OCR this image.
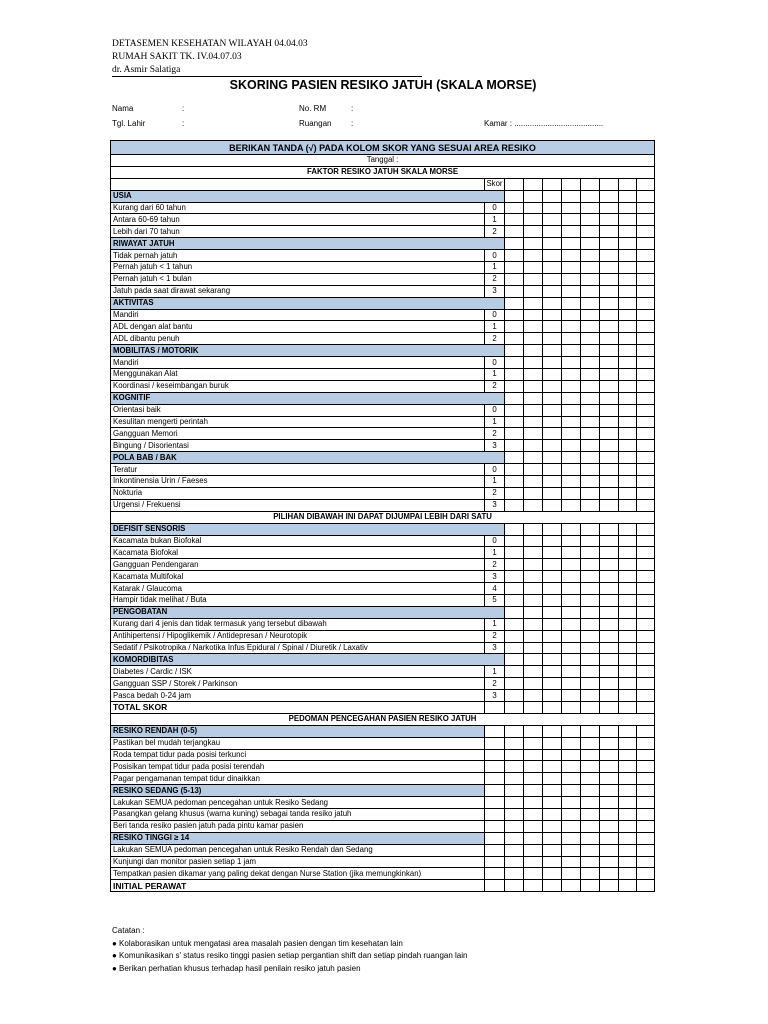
DETASEMEN KESEHATAN WILAYAH 04.04.03
RUMAH SAKIT TK. IV.04.07.03
dr. Asmir Salatiga
SKORING PASIEN RESIKO JATUH (SKALA MORSE)
Nama	:	No. RM	:
Tgl. Lahir	:	Ruangan :	Kamar : ........................................
BERIKAN TANDA (√) PADA KOLOM SKOR YANG SESUAI AREA RESIKO									
Tanggal :									
FAKTOR RESIKO JATUH SKALA MORSE									
	Skor								
USIA									
Kurang dari 60 tahun	0								
Antara 60-69 tahun	1								
Lebih dari 70 tahun	2								
RIWAYAT JATUH									
Tidak pernah jatuh	0								
Pernah jatuh < 1 tahun	1								
Pernah jatuh < 1 bulan	2								
Jatuh pada saat dirawat sekarang	3								
AKTIVITAS									
Mandiri	0								
ADL dengan alat bantu	1								
ADL dibantu penuh	2								
MOBILITAS / MOTORIK									
Mandiri	0								
Menggunakan Alat	1								
Koordinasi / keseimbangan buruk	2								
KOGNITIF									
Orientasi baik	0								
Kesulitan mengerti perintah	1								
Gangguan Memori	2								
Bingung / Disorientasi	3								
POLA BAB / BAK									
Teratur	0								
Inkontinensia Urin / Faeses	1								
Nokturia	2								
Urgensi / Frekuensi	3								
PILIHAN DIBAWAH INI DAPAT DIJUMPAI LEBIH DARI SATU									
DEFISIT SENSORIS									
Kacamata bukan Biofokal	0								
Kacamata Biofokal	1								
Gangguan Pendengaran	2								
Kacamata Multifokal	3								
Katarak / Glaucoma	4								
Hampir tidak melihat / Buta	5								
PENGOBATAN									
Kurang dari 4 jenis dan tidak termasuk yang tersebut dibawah	1								
Antihipertensi / Hipoglikemik / Antidepresan / Neurotopik	2								
Sedatif / Psikotropika / Narkotika Infus Epidural / Spinal / Diuretik / Laxativ	3								
KOMORDIBITAS									
Diabetes / Cardic / ISK	1								
Gangguan SSP / Storek / Parkinson	2								
Pasca bedah 0-24 jam	3								
TOTAL SKOR									
PEDOMAN PENCEGAHAN PASIEN RESIKO JATUH									
RESIKO RENDAH (0-5)									
Pastikan bel mudah terjangkau									
Roda tempat tidur pada posisi terkunci									
Posisikan tempat tidur pada posisi terendah									
Pagar pengamanan tempat tidur dinaikkan									
RESIKO SEDANG (5-13)									
Lakukan SEMUA pedoman pencegahan untuk Resiko Sedang									
Pasangkan gelang khusus (warna kuning) sebagai tanda resiko jatuh									
Beri tanda resiko pasien jatuh pada pintu kamar pasien									
RESIKO TINGGI ≥ 14									
Lakukan SEMUA pedoman pencegahan untuk Resiko Rendah dan Sedang									
Kunjungi dan monitor pasien setiap 1 jam									
Tempatkan pasien dikamar yang paling dekat dengan Nurse Station (jika memungkinkan)									
INITIAL PERAWAT									
Catatan :
● Kolaborasikan untuk mengatasi area masalah pasien dengan tim kesehatan lain
● Komunikasikan s' status resiko tinggi pasien setiap pergantian shift dan setiap pindah ruangan lain
● Berikan perhatian khusus terhadap hasil penilain resiko jatuh pasien
